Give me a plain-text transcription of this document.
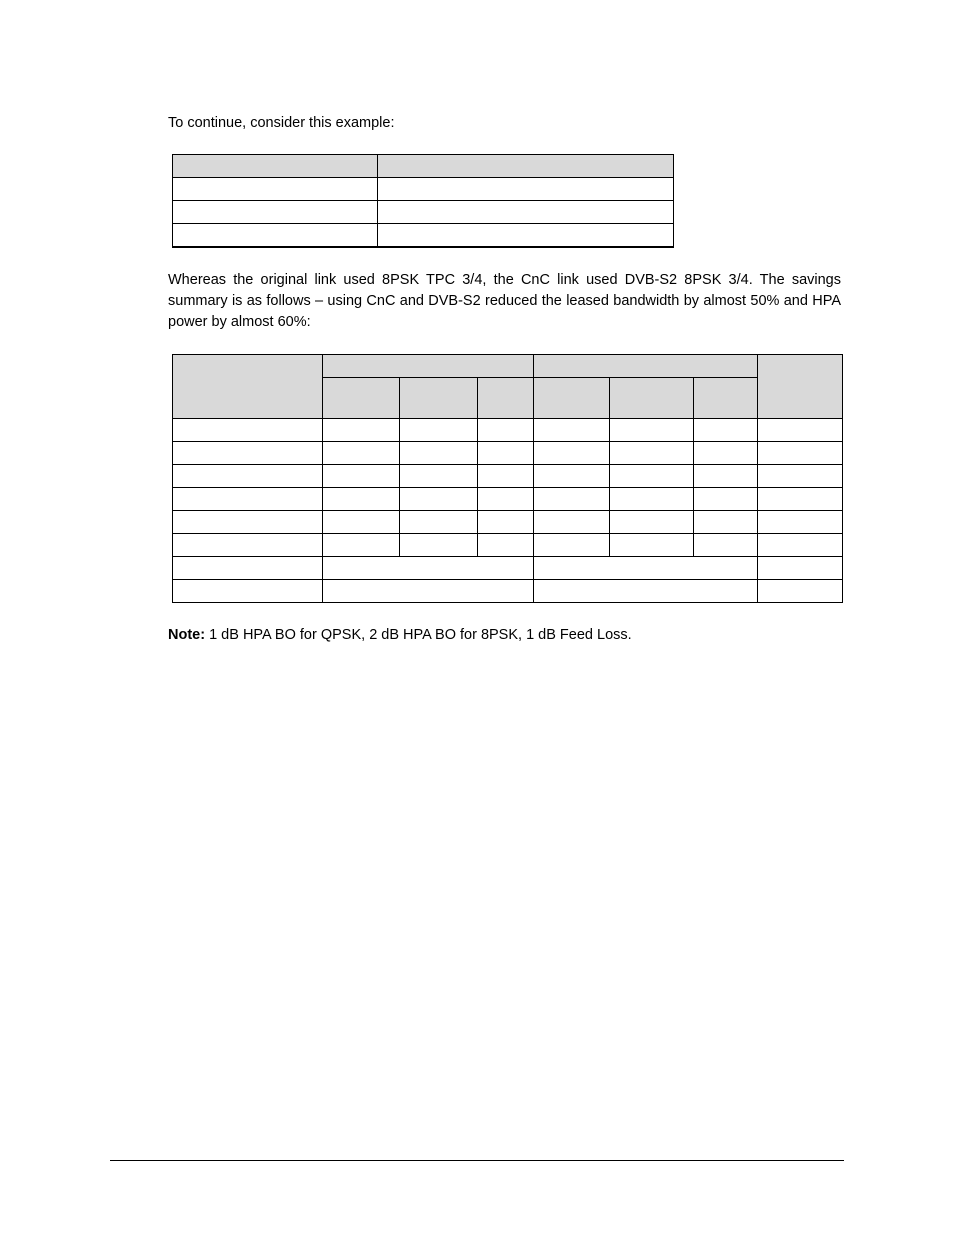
To continue, consider this example:

Whereas the original link used 8PSK TPC 3/4, the CnC link used DVB-S2 8PSK 3/4. The savings summary is as follows – using CnC and DVB-S2 reduced the leased bandwidth by almost 50% and HPA power by almost 60%:

Note: 1 dB HPA BO for QPSK, 2 dB HPA BO for 8PSK, 1 dB Feed Loss.
